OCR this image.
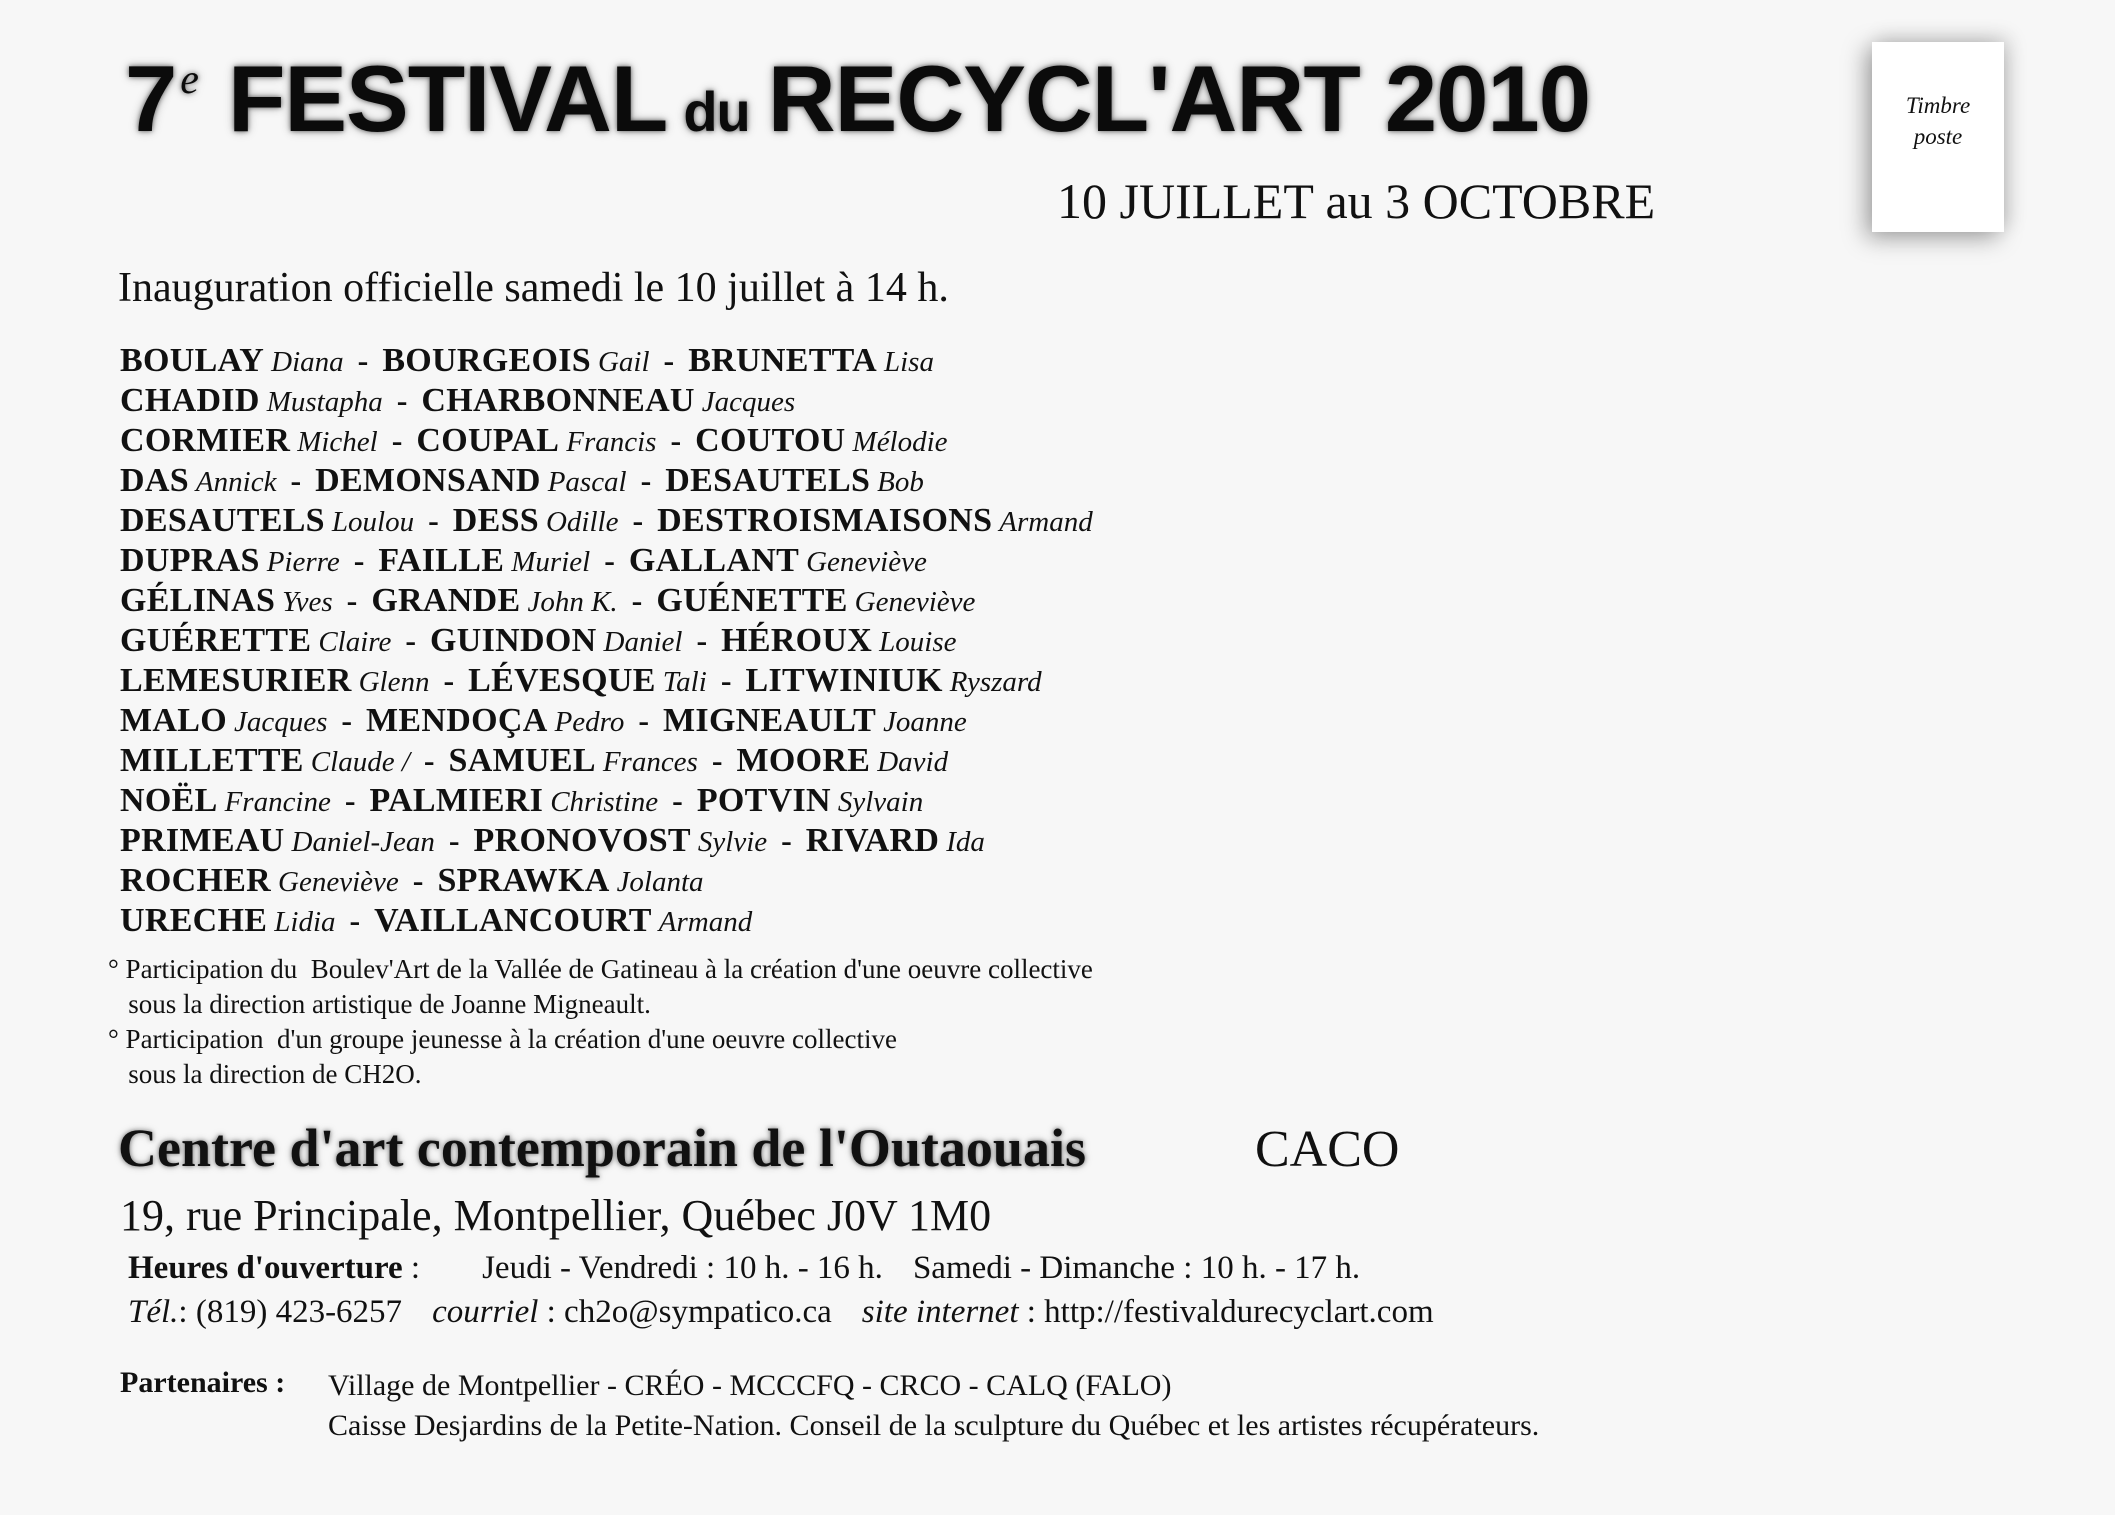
7e FESTIVAL du RECYCL'ART 2010
10 JUILLET au 3 OCTOBRE
Timbre
poste
Inauguration officielle samedi le 10 juillet à 14 h.
BOULAY Diana - BOURGEOIS Gail - BRUNETTA Lisa
CHADID Mustapha - CHARBONNEAU Jacques
CORMIER Michel - COUPAL Francis - COUTOU Mélodie
DAS Annick - DEMONSAND Pascal - DESAUTELS Bob
DESAUTELS Loulou - DESS Odille - DESTROISMAISONS Armand
DUPRAS Pierre - FAILLE Muriel - GALLANT Geneviève
GÉLINAS Yves - GRANDE John K. - GUÉNETTE Geneviève
GUÉRETTE Claire - GUINDON Daniel - HÉROUX Louise
LEMESURIER Glenn - LÉVESQUE Tali - LITWINIUK Ryszard
MALO Jacques - MENDOÇA Pedro - MIGNEAULT Joanne
MILLETTE Claude / - SAMUEL Frances - MOORE David
NOËL Francine - PALMIERI Christine - POTVIN Sylvain
PRIMEAU Daniel-Jean - PRONOVOST Sylvie - RIVARD Ida
ROCHER Geneviève - SPRAWKA Jolanta
URECHE Lidia - VAILLANCOURT Armand
° Participation du  Boulev'Art de la Vallée de Gatineau à la création d'une oeuvre collective
sous la direction artistique de Joanne Migneault.
° Participation  d'un groupe jeunesse à la création d'une oeuvre collective
sous la direction de CH2O.
Centre d'art contemporain de l'Outaouais	CACO
19, rue Principale, Montpellier, Québec J0V 1M0
Heures d'ouverture : Jeudi - Vendredi : 10 h. - 16 h. Samedi - Dimanche : 10 h. - 17 h.
Tél.: (819) 423-6257 courriel : ch2o@sympatico.ca site internet : http://festivaldurecyclart.com
Partenaires : Village de Montpellier - CRÉO - MCCCFQ - CRCO - CALQ (FALO)
Caisse Desjardins de la Petite-Nation. Conseil de la sculpture du Québec et les artistes récupérateurs.
